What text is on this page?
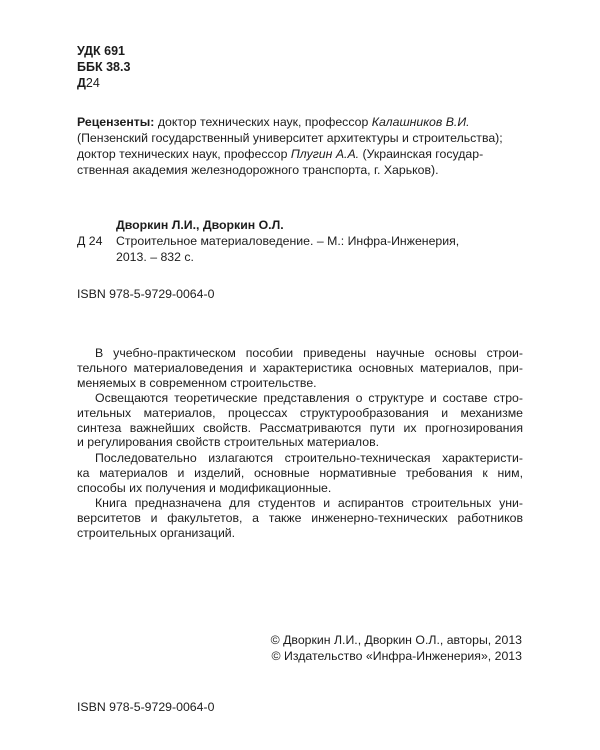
УДК 691
ББК 38.3
Д24
Рецензенты: доктор технических наук, профессор Калашников В.И.
(Пензенский государственный университет архитектуры и строительства);
доктор технических наук, профессор Плугин А.А. (Украинская государ-
ственная академия железнодорожного транспорта, г. Харьков).
Дворкин Л.И., Дворкин О.Л.
Д 24 Строительное материаловедение. – М.: Инфра-Инженерия,
2013. – 832 с.
ISBN 978-5-9729-0064-0
В учебно-практическом пособии приведены научные основы строи-
тельного материаловедения и характеристика основных материалов, при-
меняемых в современном строительстве.
Освещаются теоретические представления о структуре и составе стро-
ительных материалов, процессах структурообразования и механизме
синтеза важнейших свойств. Рассматриваются пути их прогнозирования
и регулирования свойств строительных материалов.
Последовательно излагаются строительно-техническая характеристи-
ка материалов и изделий, основные нормативные требования к ним,
способы их получения и модификационные.
Книга предназначена для студентов и аспирантов строительных уни-
верситетов и факультетов, а также инженерно-технических работников
строительных организаций.
© Дворкин Л.И., Дворкин О.Л., авторы, 2013
© Издательство «Инфра-Инженерия», 2013
ISBN 978-5-9729-0064-0
